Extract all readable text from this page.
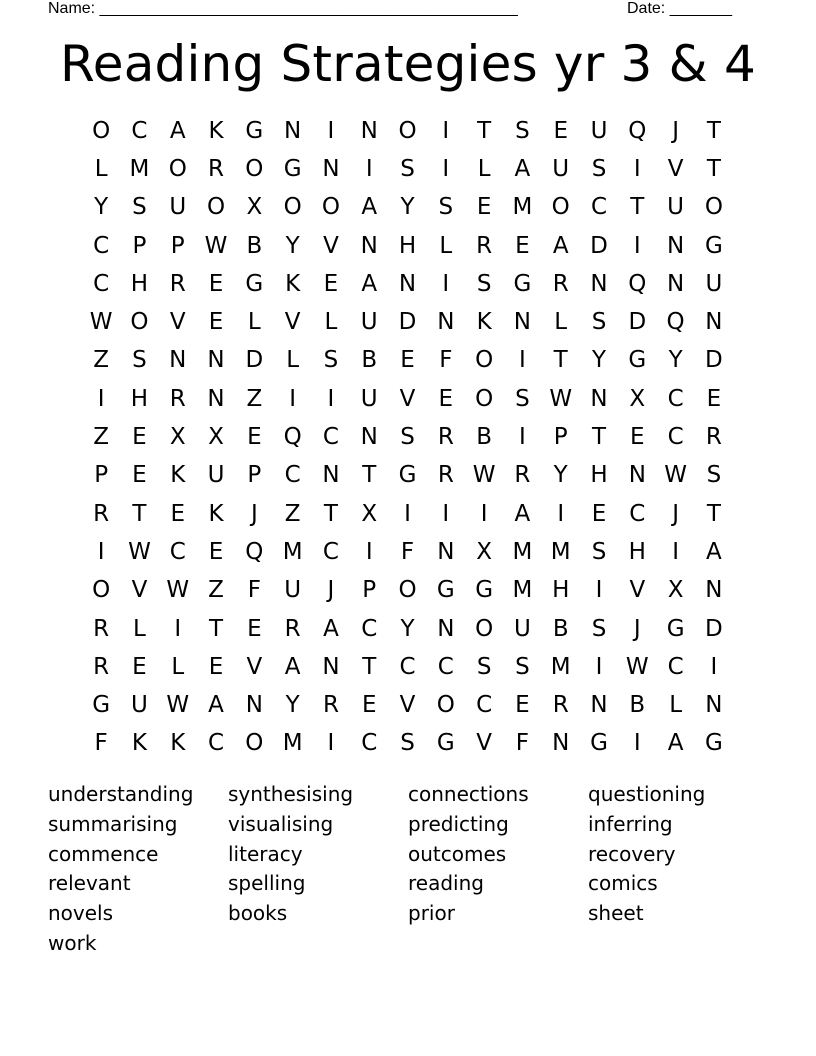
Name: _______________________________________________	Date: _______
Reading Strategies yr 3 & 4
O C A K G N	I	N O	I	T	S	E U Q	J	T
L M O R O G N	I	S	I	L	A U S	I	V	T
Y	S U O X O O A	Y	S	E M O C	T U O
C	P	P W B	Y	V N H	L	R	E	A D	I	N G
C H R	E G K	E	A N	I	S G R N Q N U
W O V	E	L	V	L	U D N K N	L	S D Q N
Z	S N N D	L	S	B	E	F O	I	T	Y G Y D
I	H R N Z	I	I	U V	E O S W N X C	E
Z	E	X X	E Q C N S	R B	I	P	T	E C R
P	E	K U P	C N T G R W R	Y H N W S
R	T	E	K	J	Z	T	X	I	I	I	A	I	E C	J	T
I	W C	E Q M C	I	F	N X M M S H	I	A
O V W Z	F	U	J	P O G G M H	I	V X N
R	L	I	T	E	R A C	Y N O U B	S	J	G D
R	E	L	E	V A N T	C C S	S M	I	W C	I
G U W A N Y	R	E	V O C	E	R N B	L	N
F	K	K C O M	I	C S G V	F	N G	I	A G
understanding	synthesising	connections	questioning
summarising	visualising	predicting	inferring
commence	literacy	outcomes	recovery
relevant	spelling	reading	comics
novels	books	prior	sheet
work
